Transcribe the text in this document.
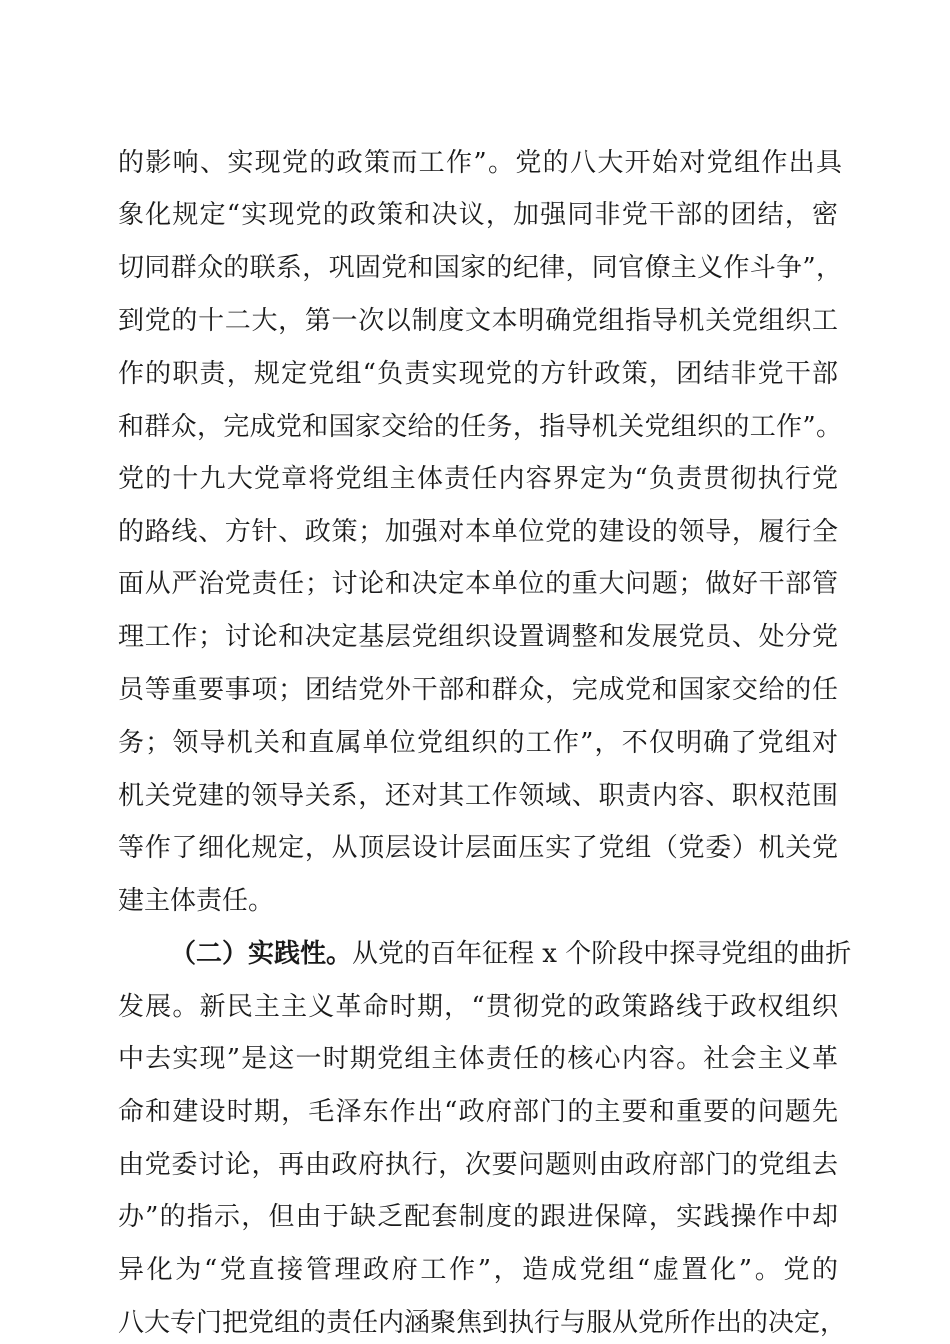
的影响、实现党的政策而工作”。党的八大开始对党组作出具
象化规定“实现党的政策和决议，加强同非党干部的团结，密
切同群众的联系，巩固党和国家的纪律，同官僚主义作斗争”，
到党的十二大，第一次以制度文本明确党组指导机关党组织工
作的职责，规定党组“负责实现党的方针政策，团结非党干部
和群众，完成党和国家交给的任务，指导机关党组织的工作”。
党的十九大党章将党组主体责任内容界定为“负责贯彻执行党
的路线、方针、政策；加强对本单位党的建设的领导，履行全
面从严治党责任；讨论和决定本单位的重大问题；做好干部管
理工作；讨论和决定基层党组织设置调整和发展党员、处分党
员等重要事项；团结党外干部和群众，完成党和国家交给的任
务；领导机关和直属单位党组织的工作”，不仅明确了党组对
机关党建的领导关系，还对其工作领域、职责内容、职权范围
等作了细化规定，从顶层设计层面压实了党组（党委）机关党
建主体责任。
（二）实践性。从党的百年征程 x 个阶段中探寻党组的曲折
发展。新民主主义革命时期，“贯彻党的政策路线于政权组织
中去实现”是这一时期党组主体责任的核心内容。社会主义革
命和建设时期，毛泽东作出“政府部门的主要和重要的问题先
由党委讨论，再由政府执行，次要问题则由政府部门的党组去
办”的指示，但由于缺乏配套制度的跟进保障，实践操作中却
异化为“党直接管理政府工作”，造成党组“虚置化”。党的
八大专门把党组的责任内涵聚焦到执行与服从党所作出的决定，
